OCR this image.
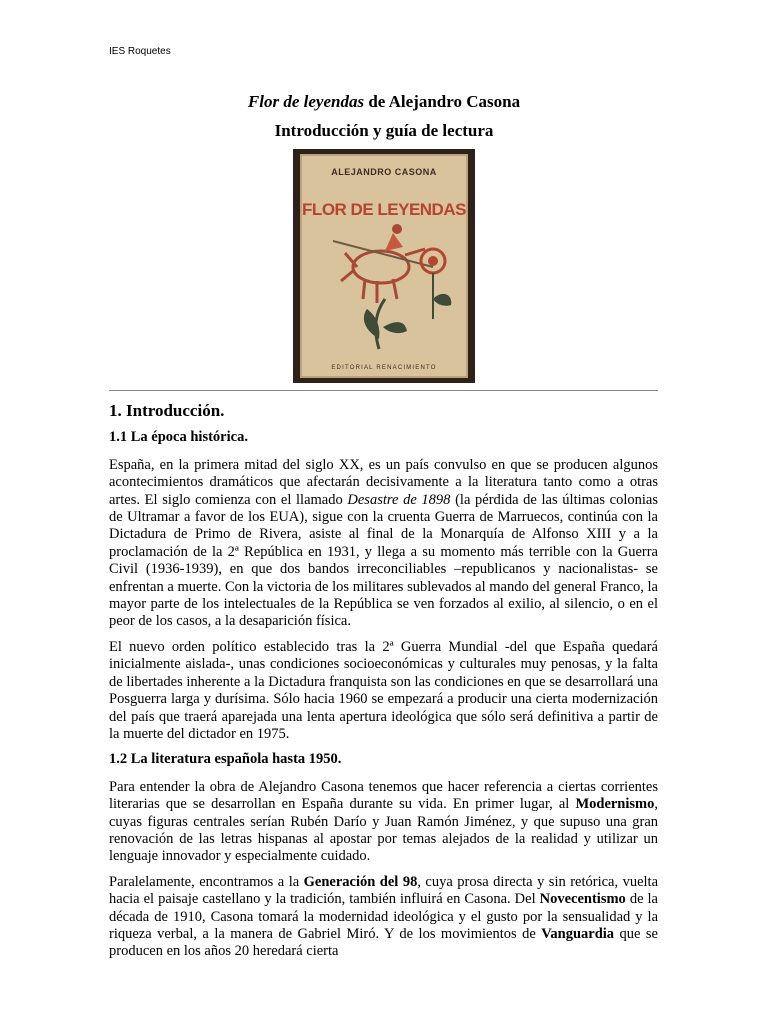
IES Roquetes
Flor de leyendas de Alejandro Casona
Introducción y guía de lectura
ALEJANDRO CASONA
FLOR DE LEYENDAS
EDITORIAL RENACIMIENTO
1. Introducción.
1.1 La época histórica.

España, en la primera mitad del siglo XX, es un país convulso en que se producen algunos acontecimientos dramáticos que afectarán decisivamente a la literatura tanto como a otras artes. El siglo comienza con el llamado Desastre de 1898 (la pérdida de las últimas colonias de Ultramar a favor de los EUA), sigue con la cruenta Guerra de Marruecos, continúa con la Dictadura de Primo de Rivera, asiste al final de la Monarquía de Alfonso XIII y a la proclamación de la 2ª República en 1931, y llega a su momento más terrible con la Guerra Civil (1936-1939), en que dos bandos irreconciliables –republicanos y nacionalistas- se enfrentan a muerte. Con la victoria de los militares sublevados al mando del general Franco, la mayor parte de los intelectuales de la República se ven forzados al exilio, al silencio, o en el peor de los casos, a la desaparición física.

El nuevo orden político establecido tras la 2ª Guerra Mundial -del que España quedará inicialmente aislada-, unas condiciones socioeconómicas y culturales muy penosas, y la falta de libertades inherente a la Dictadura franquista son las condiciones en que se desarrollará una Posguerra larga y durísima. Sólo hacia 1960 se empezará a producir una cierta modernización del país que traerá aparejada una lenta apertura ideológica que sólo será definitiva a partir de la muerte del dictador en 1975.

1.2 La literatura española hasta 1950.

Para entender la obra de Alejandro Casona tenemos que hacer referencia a ciertas corrientes literarias que se desarrollan en España durante su vida. En primer lugar, al Modernismo, cuyas figuras centrales serían Rubén Darío y Juan Ramón Jiménez, y que supuso una gran renovación de las letras hispanas al apostar por temas alejados de la realidad y utilizar un lenguaje innovador y especialmente cuidado.

Paralelamente, encontramos a la Generación del 98, cuya prosa directa y sin retórica, vuelta hacia el paisaje castellano y la tradición, también influirá en Casona. Del Novecentismo de la década de 1910, Casona tomará la modernidad ideológica y el gusto por la sensualidad y la riqueza verbal, a la manera de Gabriel Miró. Y de los movimientos de Vanguardia que se producen en los años 20 heredará cierta
